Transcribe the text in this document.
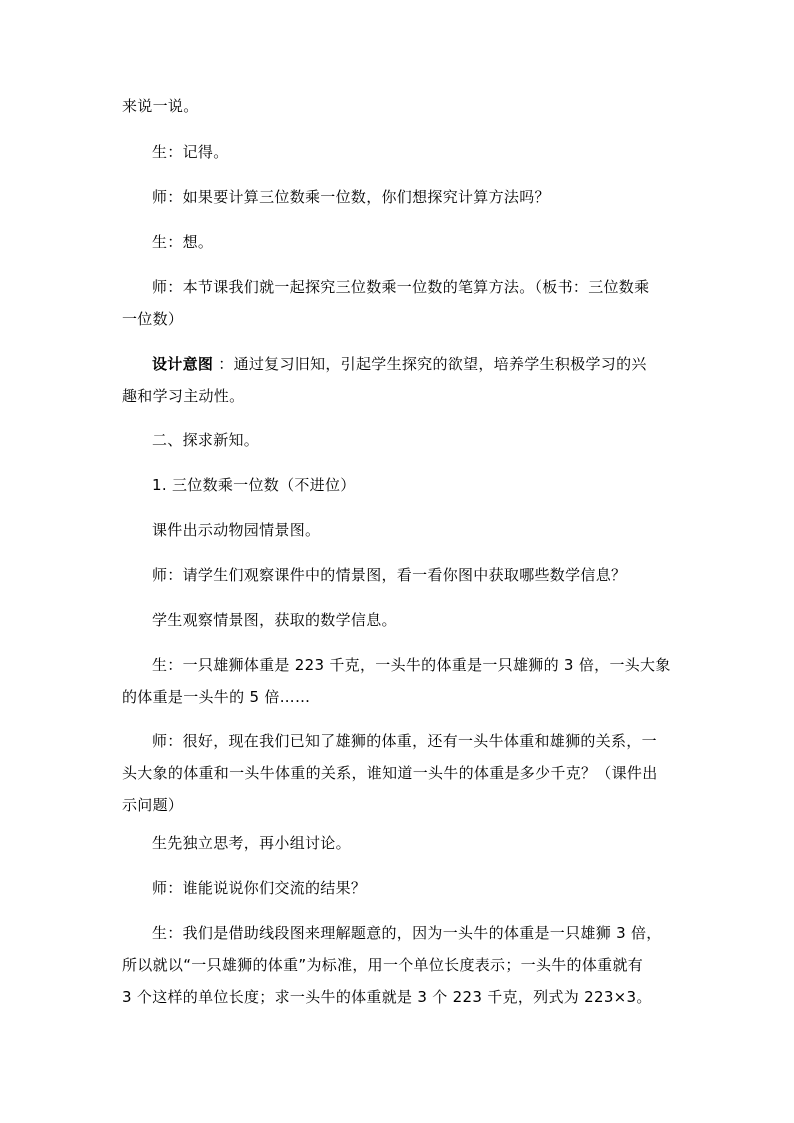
来说一说。

生：记得。

师：如果要计算三位数乘一位数，你们想探究计算方法吗？

生：想。

师：本节课我们就一起探究三位数乘一位数的笔算方法。（板书：三位数乘
一位数）

设计意图 ：通过复习旧知，引起学生探究的欲望，培养学生积极学习的兴
趣和学习主动性。

二、探求新知。

1. 三位数乘一位数（不进位）

课件出示动物园情景图。

师：请学生们观察课件中的情景图，看一看你图中获取哪些数学信息？

学生观察情景图，获取的数学信息。

生：一只雄狮体重是 223 千克，一头牛的体重是一只雄狮的 3 倍，一头大象
的体重是一头牛的 5 倍……

师：很好，现在我们已知了雄狮的体重，还有一头牛体重和雄狮的关系，一
头大象的体重和一头牛体重的关系，谁知道一头牛的体重是多少千克？（课件出
示问题）

生先独立思考，再小组讨论。

师：谁能说说你们交流的结果？

生：我们是借助线段图来理解题意的，因为一头牛的体重是一只雄狮 3 倍，
所以就以“一只雄狮的体重”为标准，用一个单位长度表示；一头牛的体重就有
3 个这样的单位长度；求一头牛的体重就是 3 个 223 千克，列式为 223×3。
